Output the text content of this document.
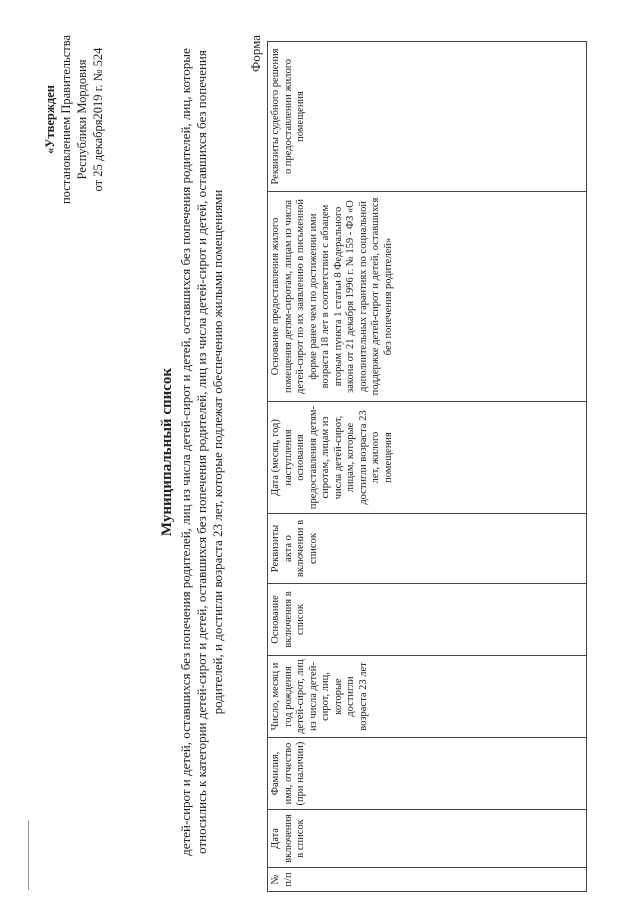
«Утвержден постановлением Правительства Республики Мордовия от 25 декабря2019 г. № 524
Муниципальный список детей-сирот и детей, оставшихся без попечения родителей, лиц из числа детей-сирот и детей, оставшихся без попечения родителей, лиц, которые относились к категории детей-сирот и детей, оставшихся без попечения родителей, лиц из числа детей-сирот и детей, оставшихся без попечения родителей, и достигли возраста 23 лет, которые подлежат обеспечению жилыми помещениями
Форма
№ п/п	Дата включения в список	Фамилия, имя, отчество (при наличии)	Число, месяц и год рождения детей-сирот, лиц из числа детей-сирот, лиц, которые достигли возраста 23 лет	Основание включения в список	Реквизиты акта о включении в список	Дата (месяц, год) наступления основания предоставления детям-сиротам, лицам из числа детей-сирот, лицам, которые достигли возраста 23 лет, жилого помещения	Основание предоставления жилого помещения детям-сиротам, лицам из числа детей-сирот по их заявлению в письменной форме ранее чем по достижении ими возраста 18 лет в соответствии с абзацем вторым пункта 1 статьи 8 Федерального закона от 21 декабря 1996 г. № 159 - ФЗ «О дополнительных гарантиях по социальной поддержке детей-сирот и детей, оставшихся без попечения родителей»	Реквизиты судебного решения о предоставлении жилого помещения
